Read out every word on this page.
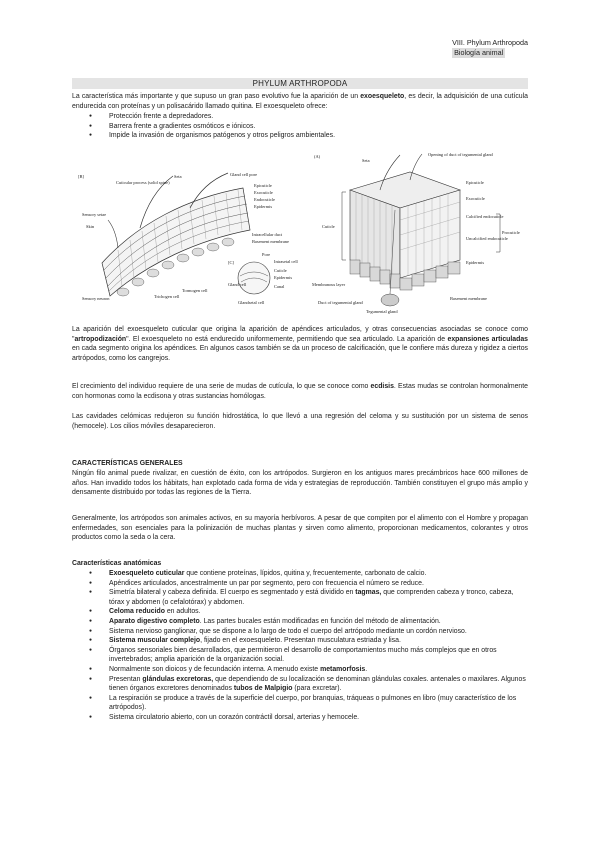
VIII. Phylum Arthropoda
Biología animal
PHYLUM ARTHROPODA
La característica más importante y que supuso un gran paso evolutivo fue la aparición de un exoesqueleto, es decir, la adquisición de una cutícula endurecida con proteínas y un polisacárido llamado quitina. El exoesqueleto ofrece:
● Protección frente a depredadores.
● Barrera frente a gradientes osmóticos e iónicos.
● Impide la invasión de organismos patógenos y otros peligros ambientales.
[B]	Seta
Cuticular process (solid spine)
Gland cell pore
Epicuticle
Exocuticle
Endocuticle
Epidermis
Sensory setae
Skin
Intracellular duct
Basement membrane
Pore
Intrasetal cell
Cuticle
Epidermis
Tormogen cell
Trichogen cell
Sensory neuron
Gland cell
Glandsetal cell
[C]
Canal
(A)
Seta
Opening of duct of tegumental gland
Epicuticle
Exocuticle
Calcified endocuticle
Uncalcified endocuticle
Procuticle
Cuticle
Epidermis
Membranous layer
Duct of tegumental gland
Tegumental gland
Basement membrane
La aparición del exoesqueleto cuticular que origina la aparición de apéndices articulados, y otras consecuencias asociadas se conoce como "artropodización". El exoesqueleto no está endurecido uniformemente, permitiendo que sea articulado. La aparición de expansiones articuladas en cada segmento origina los apéndices. En algunos casos también se da un proceso de calcificación, que le confiere más dureza y rigidez a ciertos artrópodos, como los cangrejos.
El crecimiento del individuo requiere de una serie de mudas de cutícula, lo que se conoce como ecdisis. Estas mudas se controlan hormonalmente con hormonas como la ecdisona y otras sustancias homólogas.
Las cavidades celómicas redujeron su función hidrostática, lo que llevó a una regresión del celoma y su sustitución por un sistema de senos (hemocele). Los cilios móviles desaparecieron.
CARACTERÍSTICAS GENERALES
Ningún filo animal puede rivalizar, en cuestión de éxito, con los artrópodos. Surgieron en los antiguos mares precámbricos hace 600 millones de años. Han invadido todos los hábitats, han explotado cada forma de vida y estrategias de reproducción. También constituyen el grupo más amplio y densamente distribuido por todas las regiones de la Tierra.
Generalmente, los artrópodos son animales activos, en su mayoría herbívoros. A pesar de que compiten por el alimento con el Hombre y propagan enfermedades, son esenciales para la polinización de muchas plantas y sirven como alimento, proporcionan medicamentos, colorantes y otros productos como la seda o la cera.
Características anatómicas
● Exoesqueleto cuticular que contiene proteínas, lípidos, quitina y, frecuentemente, carbonato de calcio.
● Apéndices articulados, ancestralmente un par por segmento, pero con frecuencia el número se reduce.
● Simetría bilateral y cabeza definida. El cuerpo es segmentado y está dividido en tagmas, que comprenden cabeza y tronco, cabeza, tórax y abdomen (o cefalotórax) y abdomen.
● Celoma reducido en adultos.
● Aparato digestivo completo. Las partes bucales están modificadas en función del método de alimentación.
● Sistema nervioso ganglionar, que se dispone a lo largo de todo el cuerpo del artrópodo mediante un cordón nervioso.
● Sistema muscular complejo, fijado en el exoesqueleto. Presentan musculatura estriada y lisa.
● Órganos sensoriales bien desarrollados, que permitieron el desarrollo de comportamientos mucho más complejos que en otros invertebrados; amplia aparición de la organización social.
● Normalmente son dioicos y de fecundación interna. A menudo existe metamorfosis.
● Presentan glándulas excretoras, que dependiendo de su localización se denominan glándulas coxales. antenales o maxilares. Algunos tienen órganos excretores denominados tubos de Malpigio (para excretar).
● La respiración se produce a través de la superficie del cuerpo, por branquias, tráqueas o pulmones en libro (muy característico de los artrópodos).
● Sistema circulatorio abierto, con un corazón contráctil dorsal, arterias y hemocele.
